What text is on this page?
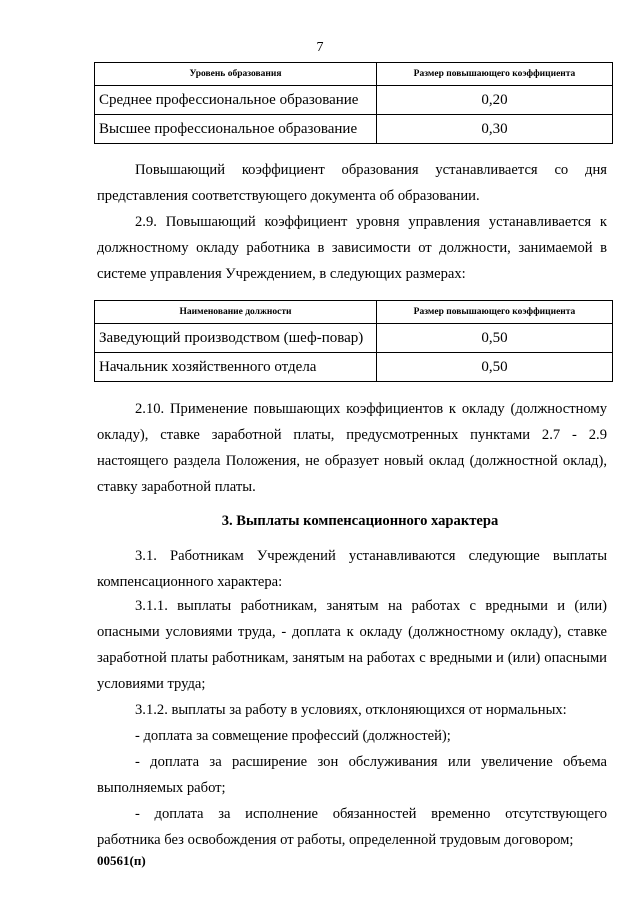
7
Уровень образования	Размер повышающего коэффициента
Среднее профессиональное образование	0,20
Высшее профессиональное образование	0,30

Повышающий коэффициент образования устанавливается со дня представления соответствующего документа об образовании.

2.9. Повышающий коэффициент уровня управления устанавливается к должностному окладу работника в зависимости от должности, занимаемой в системе управления Учреждением, в следующих размерах:

Наименование должности	Размер повышающего коэффициента
Заведующий производством (шеф-повар)	0,50
Начальник хозяйственного отдела	0,50

2.10. Применение повышающих коэффициентов к окладу (должностному окладу), ставке заработной платы, предусмотренных пунктами 2.7 - 2.9 настоящего раздела Положения, не образует новый оклад (должностной оклад), ставку заработной платы.

3. Выплаты компенсационного характера

3.1. Работникам Учреждений устанавливаются следующие выплаты компенсационного характера:

3.1.1. выплаты работникам, занятым на работах с вредными и (или) опасными условиями труда, - доплата к окладу (должностному окладу), ставке заработной платы работникам, занятым на работах с вредными и (или) опасными условиями труда;

3.1.2. выплаты за работу в условиях, отклоняющихся от нормальных:

- доплата за совмещение профессий (должностей);

- доплата за расширение зон обслуживания или увеличение объема выполняемых работ;

- доплата за исполнение обязанностей временно отсутствующего работника без освобождения от работы, определенной трудовым договором;

00561(п)
